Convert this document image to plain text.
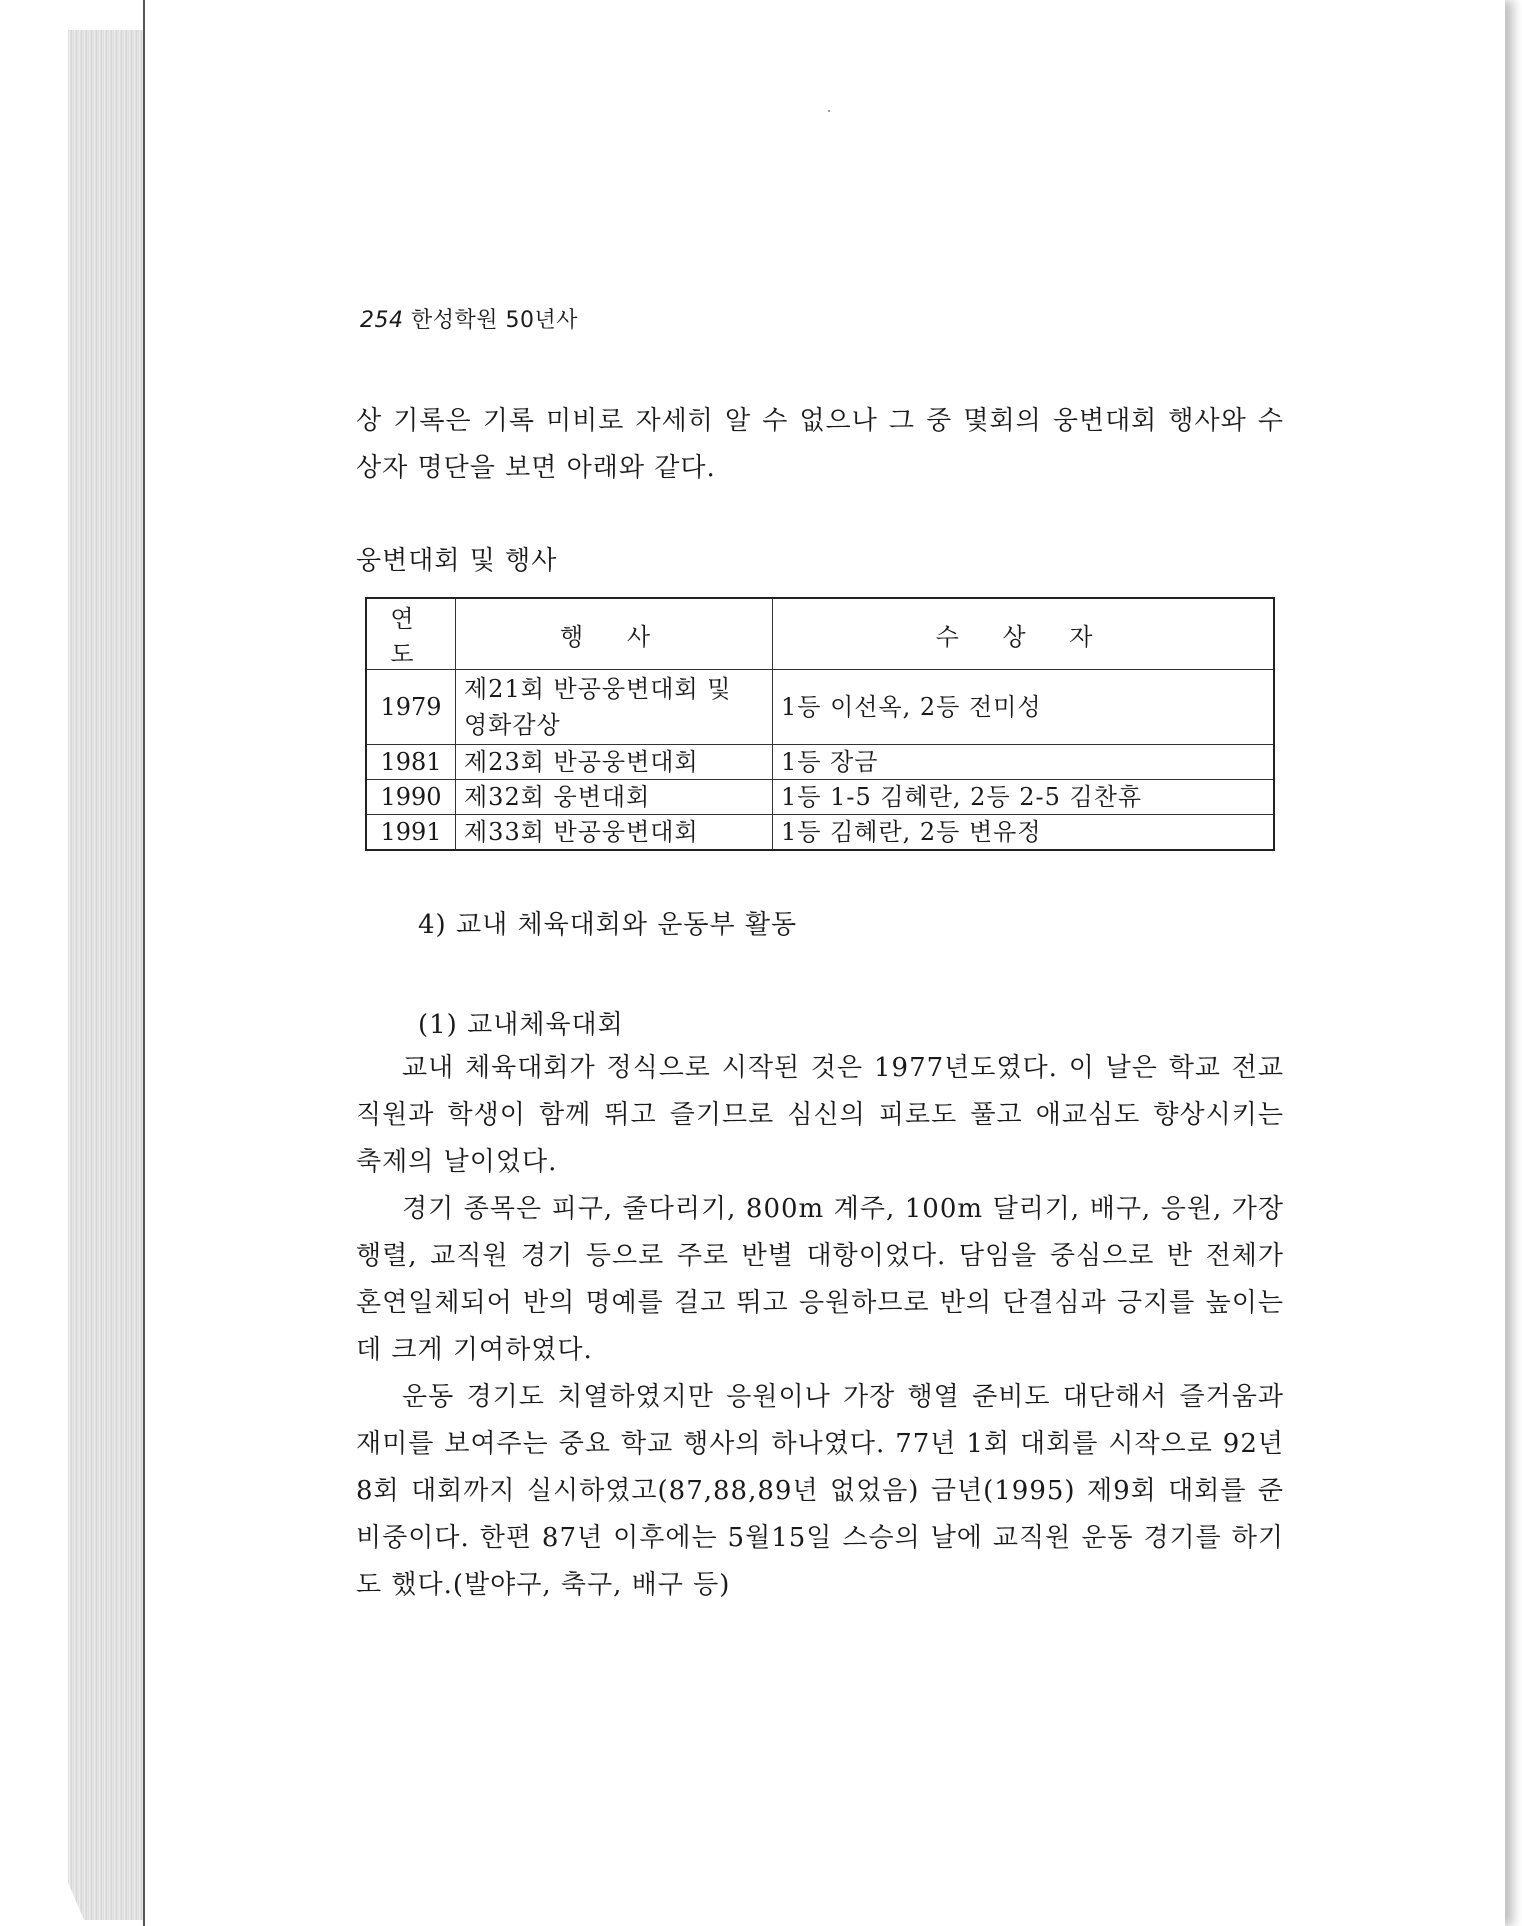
254 한성학원 50년사

상 기록은 기록 미비로 자세히 알 수 없으나 그 중 몇회의 웅변대회 행사와 수상자 명단을 보면 아래와 같다.

웅변대회 및 행사
연도	행 사	수 상 자
1979	제21회 반공웅변대회 및 영화감상	1등 이선옥, 2등 전미성
1981	제23회 반공웅변대회	1등 장금
1990	제32회 웅변대회	1등 1-5 김혜란, 2등 2-5 김찬휴
1991	제33회 반공웅변대회	1등 김혜란, 2등 변유정
4) 교내 체육대회와 운동부 활동
(1) 교내체육대회

교내 체육대회가 정식으로 시작된 것은 1977년도였다. 이 날은 학교 전교직원과 학생이 함께 뛰고 즐기므로 심신의 피로도 풀고 애교심도 향상시키는 축제의 날이었다.

경기 종목은 피구, 줄다리기, 800m 계주, 100m 달리기, 배구, 응원, 가장행렬, 교직원 경기 등으로 주로 반별 대항이었다. 담임을 중심으로 반 전체가 혼연일체되어 반의 명예를 걸고 뛰고 응원하므로 반의 단결심과 긍지를 높이는데 크게 기여하였다.

운동 경기도 치열하였지만 응원이나 가장 행열 준비도 대단해서 즐거움과 재미를 보여주는 중요 학교 행사의 하나였다. 77년 1회 대회를 시작으로 92년 8회 대회까지 실시하였고(87,88,89년 없었음) 금년(1995) 제9회 대회를 준비중이다. 한편 87년 이후에는 5월15일 스승의 날에 교직원 운동 경기를 하기도 했다.(발야구, 축구, 배구 등)
